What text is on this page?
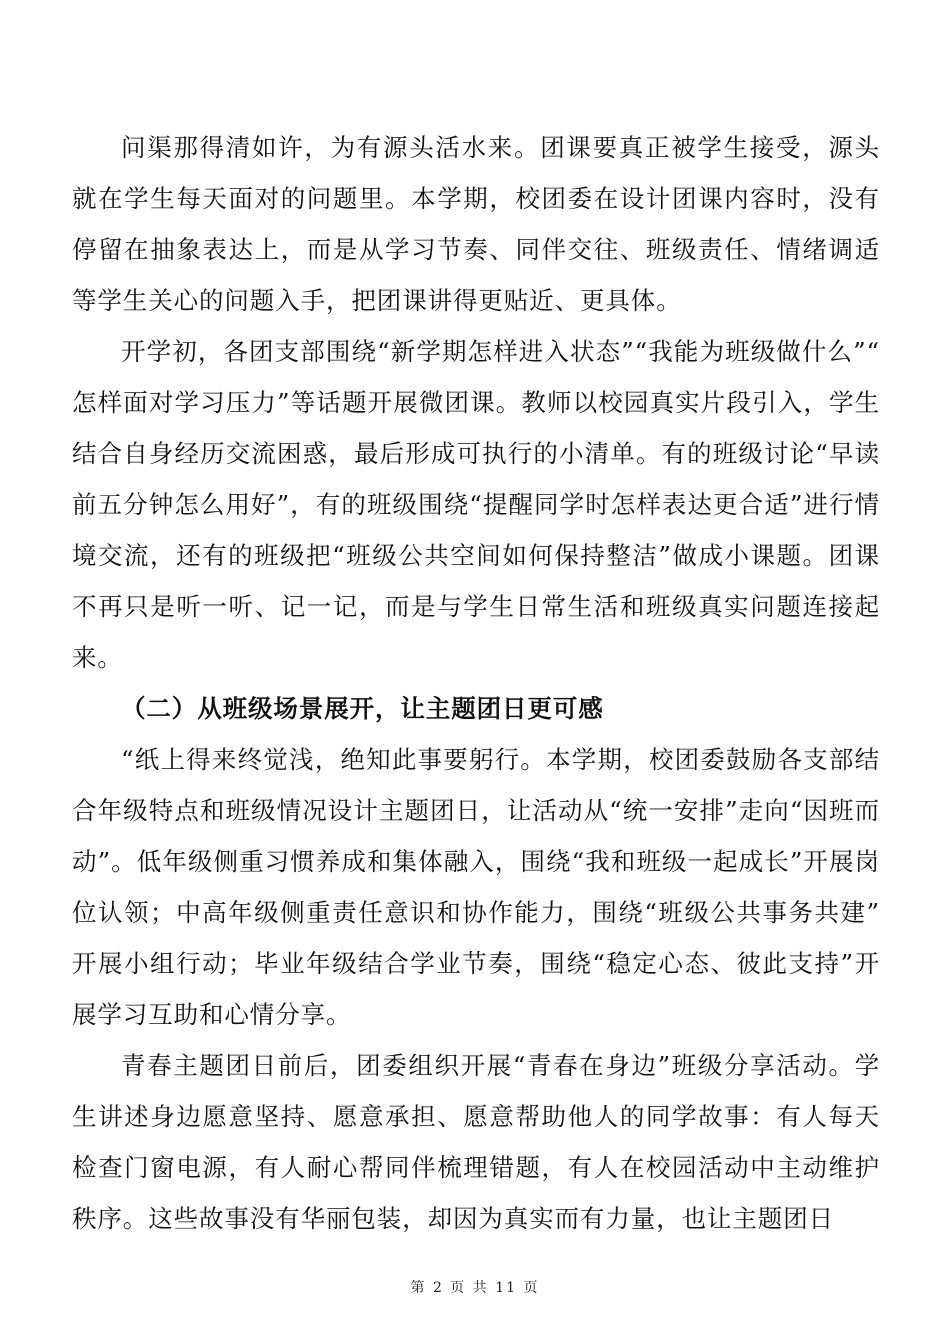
问渠那得清如许，为有源头活水来。团课要真正被学生接受，源头就在学生每天面对的问题里。本学期，校团委在设计团课内容时，没有停留在抽象表达上，而是从学习节奏、同伴交往、班级责任、情绪调适等学生关心的问题入手，把团课讲得更贴近、更具体。

开学初，各团支部围绕“新学期怎样进入状态”“我能为班级做什么”“怎样面对学习压力”等话题开展微团课。教师以校园真实片段引入，学生结合自身经历交流困惑，最后形成可执行的小清单。有的班级讨论“早读前五分钟怎么用好”，有的班级围绕“提醒同学时怎样表达更合适”进行情境交流，还有的班级把“班级公共空间如何保持整洁”做成小课题。团课不再只是听一听、记一记，而是与学生日常生活和班级真实问题连接起来。

（二）从班级场景展开，让主题团日更可感

“纸上得来终觉浅，绝知此事要躬行。本学期，校团委鼓励各支部结合年级特点和班级情况设计主题团日，让活动从“统一安排”走向“因班而动”。低年级侧重习惯养成和集体融入，围绕“我和班级一起成长”开展岗位认领；中高年级侧重责任意识和协作能力，围绕“班级公共事务共建”开展小组行动；毕业年级结合学业节奏，围绕“稳定心态、彼此支持”开展学习互助和心情分享。

青春主题团日前后，团委组织开展“青春在身边”班级分享活动。学生讲述身边愿意坚持、愿意承担、愿意帮助他人的同学故事：有人每天检查门窗电源，有人耐心帮同伴梳理错题，有人在校园活动中主动维护秩序。这些故事没有华丽包装，却因为真实而有力量，也让主题团日

第 2 页 共 11 页
